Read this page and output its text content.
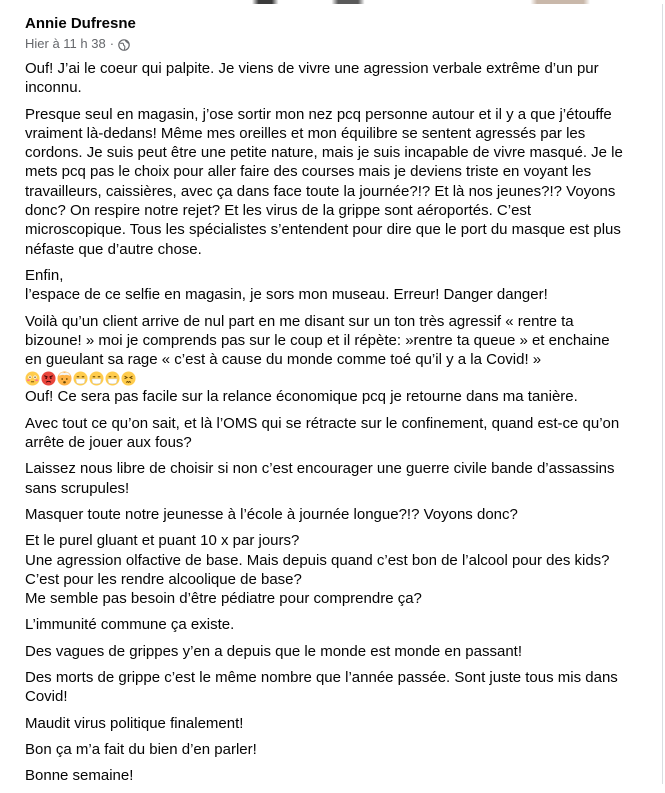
Annie Dufresne
Hier à 11 h 38 ·
Ouf! J’ai le coeur qui palpite. Je viens de vivre une agression verbale extrême d’un pur
inconnu.
Presque seul en magasin, j’ose sortir mon nez pcq personne autour et il y a que j’étouffe
vraiment là-dedans! Même mes oreilles et mon équilibre se sentent agressés par les
cordons. Je suis peut être une petite nature, mais je suis incapable de vivre masqué. Je le
mets pcq pas le choix pour aller faire des courses mais je deviens triste en voyant les
travailleurs, caissières, avec ça dans face toute la journée?!? Et là nos jeunes?!? Voyons
donc? On respire notre rejet? Et les virus de la grippe sont aéroportés. C’est
microscopique. Tous les spécialistes s’entendent pour dire que le port du masque est plus
néfaste que d’autre chose.
Enfin,
l’espace de ce selfie en magasin, je sors mon museau. Erreur! Danger danger!
Voilà qu’un client arrive de nul part en me disant sur un ton très agressif « rentre ta
bizoune! » moi je comprends pas sur le coup et il répète: »rentre ta queue » et enchaine
en gueulant sa rage « c’est à cause du monde comme toé qu’il y a la Covid! »
Ouf! Ce sera pas facile sur la relance économique pcq je retourne dans ma tanière.
Avec tout ce qu’on sait, et là l’OMS qui se rétracte sur le confinement, quand est-ce qu’on
arrête de jouer aux fous?
Laissez nous libre de choisir si non c’est encourager une guerre civile bande d’assassins
sans scrupules!
Masquer toute notre jeunesse à l’école à journée longue?!? Voyons donc?
Et le purel gluant et puant 10 x par jours?
Une agression olfactive de base. Mais depuis quand c’est bon de l’alcool pour des kids?
C’est pour les rendre alcoolique de base?
Me semble pas besoin d’être pédiatre pour comprendre ça?
L’immunité commune ça existe.
Des vagues de grippes y’en a depuis que le monde est monde en passant!
Des morts de grippe c’est le même nombre que l’année passée. Sont juste tous mis dans
Covid!
Maudit virus politique finalement!
Bon ça m’a fait du bien d’en parler!
Bonne semaine!
